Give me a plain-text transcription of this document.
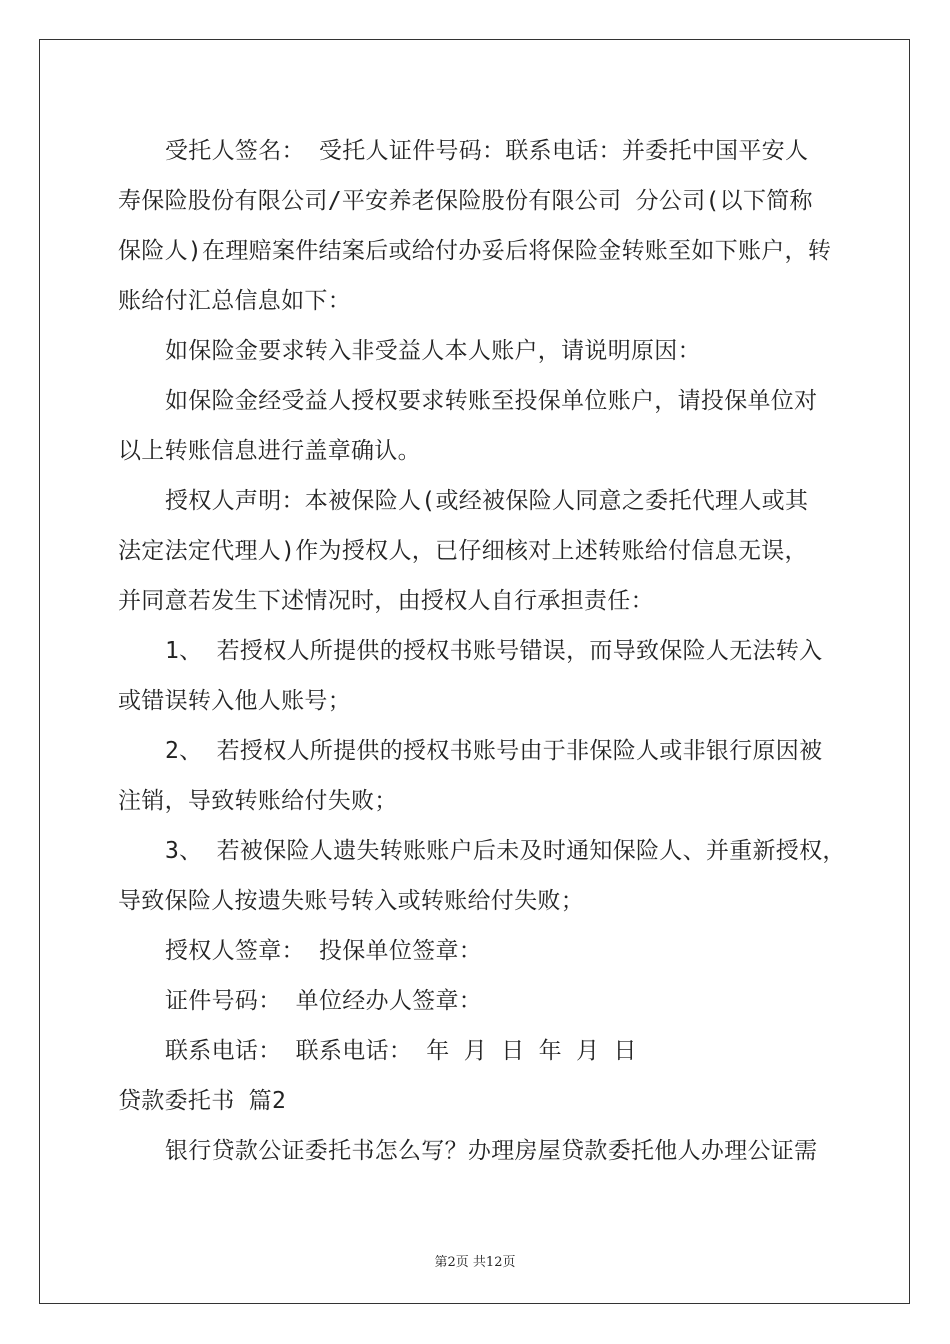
受托人签名： 受托人证件号码：联系电话：并委托中国平安人
寿保险股份有限公司/平安养老保险股份有限公司 分公司(以下简称
保险人)在理赔案件结案后或给付办妥后将保险金转账至如下账户，转
账给付汇总信息如下：
如保险金要求转入非受益人本人账户，请说明原因：
如保险金经受益人授权要求转账至投保单位账户，请投保单位对
以上转账信息进行盖章确认。
授权人声明：本被保险人(或经被保险人同意之委托代理人或其
法定法定代理人)作为授权人，已仔细核对上述转账给付信息无误，
并同意若发生下述情况时，由授权人自行承担责任：
1、 若授权人所提供的授权书账号错误，而导致保险人无法转入
或错误转入他人账号；
2、 若授权人所提供的授权书账号由于非保险人或非银行原因被
注销，导致转账给付失败；
3、 若被保险人遗失转账账户后未及时通知保险人、并重新授权，
导致保险人按遗失账号转入或转账给付失败；
授权人签章： 投保单位签章：
证件号码： 单位经办人签章：
联系电话： 联系电话： 年 月 日 年 月 日
贷款委托书 篇2
银行贷款公证委托书怎么写？办理房屋贷款委托他人办理公证需
第2页 共12页
